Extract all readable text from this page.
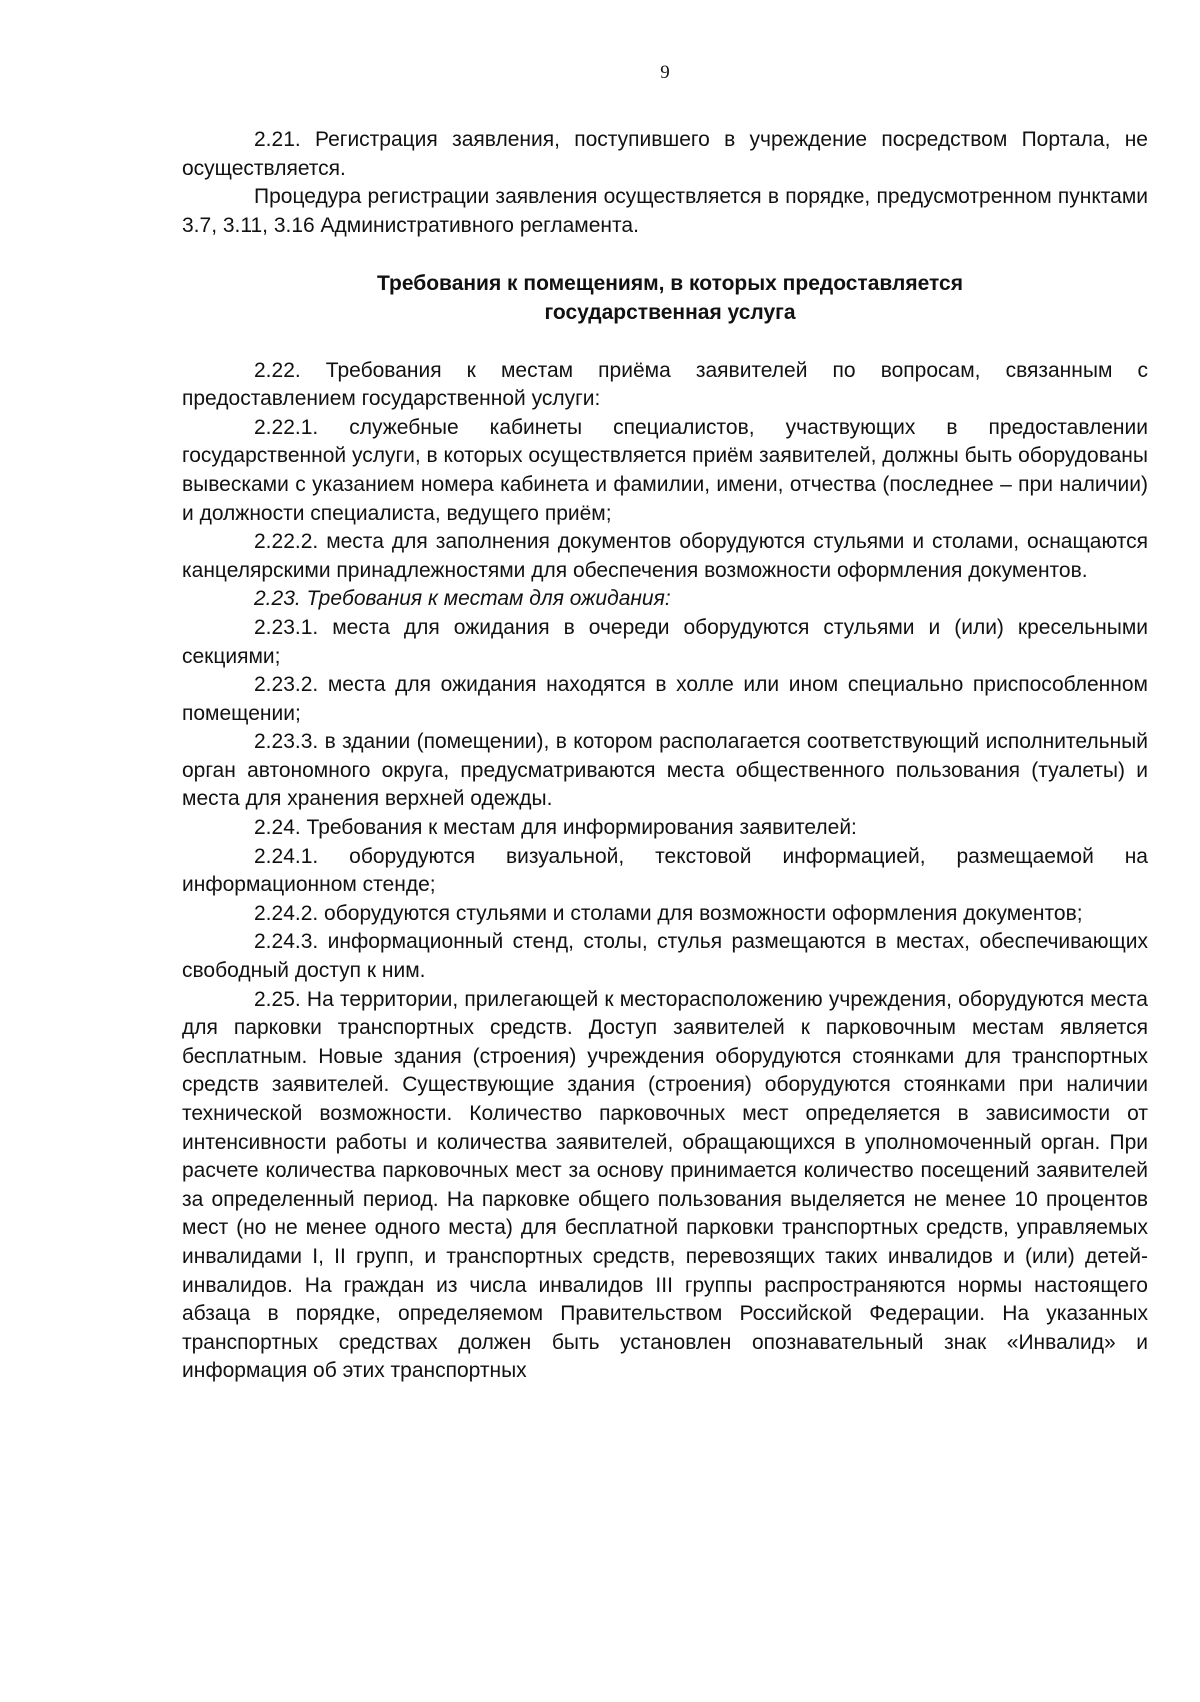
9

2.21. Регистрация заявления, поступившего в учреждение посредством Портала, не осуществляется.

Процедура регистрации заявления осуществляется в порядке, предусмотренном пунктами 3.7, 3.11, 3.16 Административного регламента.

Требования к помещениям, в которых предоставляется
государственная услуга

2.22. Требования к местам приёма заявителей по вопросам, связанным с предоставлением государственной услуги:

2.22.1. служебные кабинеты специалистов, участвующих в предоставлении государственной услуги, в которых осуществляется приём заявителей, должны быть оборудованы вывесками с указанием номера кабинета и фамилии, имени, отчества (последнее – при наличии) и должности специалиста, ведущего приём;

2.22.2. места для заполнения документов оборудуются стульями и столами, оснащаются канцелярскими принадлежностями для обеспечения возможности оформления документов.

2.23. Требования к местам для ожидания:

2.23.1. места для ожидания в очереди оборудуются стульями и (или) кресельными секциями;

2.23.2. места для ожидания находятся в холле или ином специально приспособленном помещении;

2.23.3. в здании (помещении), в котором располагается соответствующий исполнительный орган автономного округа, предусматриваются места общественного пользования (туалеты) и места для хранения верхней одежды.

2.24. Требования к местам для информирования заявителей:

2.24.1. оборудуются визуальной, текстовой информацией, размещаемой на информационном стенде;

2.24.2. оборудуются стульями и столами для возможности оформления документов;

2.24.3. информационный стенд, столы, стулья размещаются в местах, обеспечивающих свободный доступ к ним.

2.25. На территории, прилегающей к месторасположению учреждения, оборудуются места для парковки транспортных средств. Доступ заявителей к парковочным местам является бесплатным. Новые здания (строения) учреждения оборудуются стоянками для транспортных средств заявителей. Существующие здания (строения) оборудуются стоянками при наличии технической возможности. Количество парковочных мест определяется в зависимости от интенсивности работы и количества заявителей, обращающихся в уполномоченный орган. При расчете количества парковочных мест за основу принимается количество посещений заявителей за определенный период. На парковке общего пользования выделяется не менее 10 процентов мест (но не менее одного места) для бесплатной парковки транспортных средств, управляемых инвалидами I, II групп, и транспортных средств, перевозящих таких инвалидов и (или) детей-инвалидов. На граждан из числа инвалидов III группы распространяются нормы настоящего абзаца в порядке, определяемом Правительством Российской Федерации. На указанных транспортных средствах должен быть установлен опознавательный знак «Инвалид» и информация об этих транспортных
